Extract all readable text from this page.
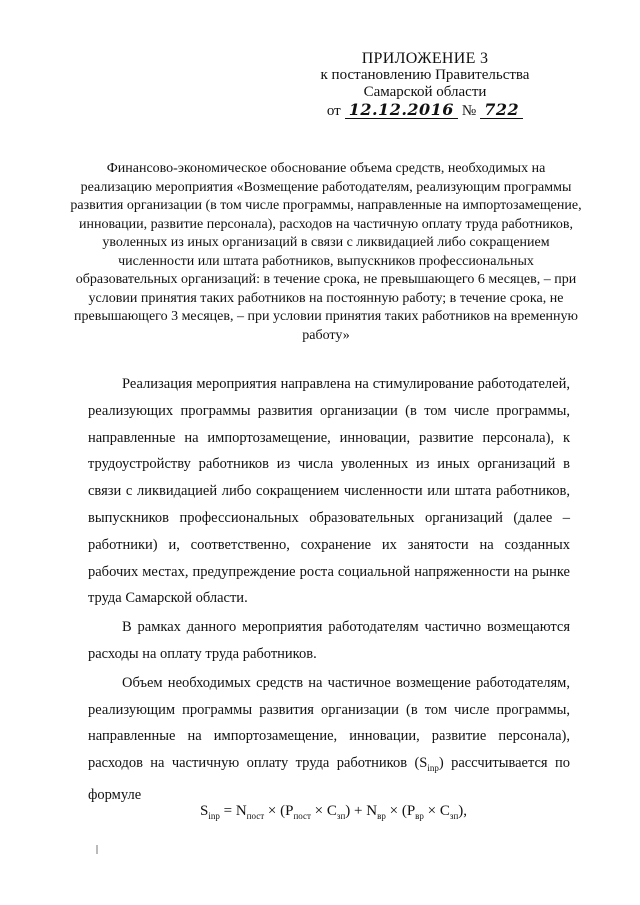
ПРИЛОЖЕНИЕ 3
к постановлению Правительства
Самарской области
от 12.12.2016 № 722
Финансово-экономическое обоснование объема средств, необходимых на реализацию мероприятия «Возмещение работодателям, реализующим программы развития организации (в том числе программы, направленные на импортозамещение, инновации, развитие персонала), расходов на частичную оплату труда работников, уволенных из иных организаций в связи с ликвидацией либо сокращением численности или штата работников, выпускников профессиональных образовательных организаций: в течение срока, не превышающего 6 месяцев, – при условии принятия таких работников на постоянную работу; в течение срока, не превышающего 3 месяцев, – при условии принятия таких работников на временную работу»

Реализация мероприятия направлена на стимулирование работодателей, реализующих программы развития организации (в том числе программы, направленные на импортозамещение, инновации, развитие персонала), к трудоустройству работников из числа уволенных из иных организаций в связи с ликвидацией либо сокращением численности или штата работников, выпускников профессиональных образовательных организаций (далее – работники) и, соответственно, сохранение их занятости на созданных рабочих местах, предупреждение роста социальной напряженности на рынке труда Самарской области.

В рамках данного мероприятия работодателям частично возмещаются расходы на оплату труда работников.

Объем необходимых средств на частичное возмещение работодателям, реализующим программы развития организации (в том числе программы, направленные на импортозамещение, инновации, развитие персонала), расходов на частичную оплату труда работников $(S_{inp})$ рассчитывается по формуле

$S_{inp} = N_{пост} \times (P_{пост} \times C_{зп}) + N_{вр} \times (P_{вр} \times C_{зп})$,
